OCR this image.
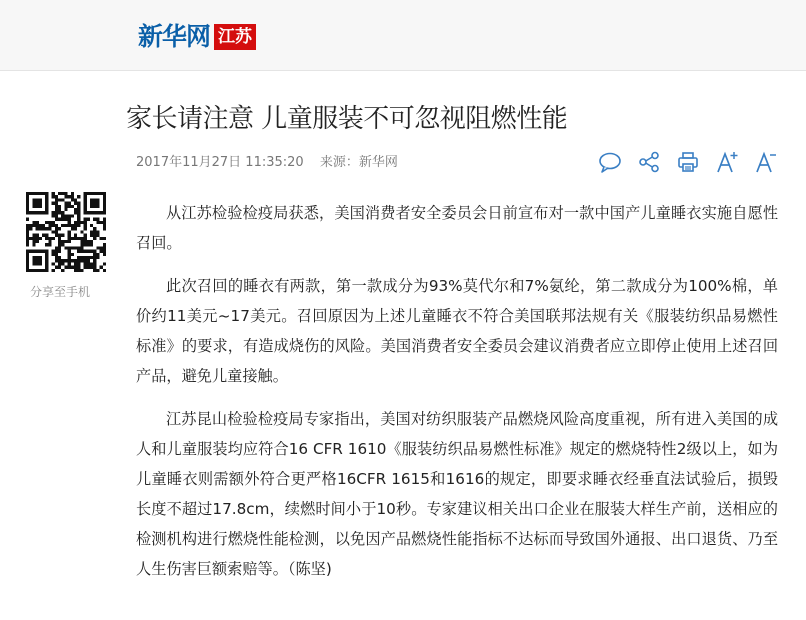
新华网 江苏
家长请注意 儿童服装不可忽视阻燃性能
2017年11月27日 11:35:20 来源：新华网
分享至手机

从江苏检验检疫局获悉，美国消费者安全委员会日前宣布对一款中国产儿童睡衣实施自愿性召回。

此次召回的睡衣有两款，第一款成分为93%莫代尔和7%氨纶，第二款成分为100%棉，单价约11美元~17美元。召回原因为上述儿童睡衣不符合美国联邦法规有关《服装纺织品易燃性标准》的要求，有造成烧伤的风险。美国消费者安全委员会建议消费者应立即停止使用上述召回产品，避免儿童接触。

江苏昆山检验检疫局专家指出，美国对纺织服装产品燃烧风险高度重视，所有进入美国的成人和儿童服装均应符合16 CFR 1610《服装纺织品易燃性标准》规定的燃烧特性2级以上，如为儿童睡衣则需额外符合更严格16CFR 1615和1616的规定，即要求睡衣经垂直法试验后，损毁长度不超过17.8cm，续燃时间小于10秒。专家建议相关出口企业在服装大样生产前，送相应的检测机构进行燃烧性能检测，以免因产品燃烧性能指标不达标而导致国外通报、出口退货、乃至人生伤害巨额索赔等。（陈坚)
